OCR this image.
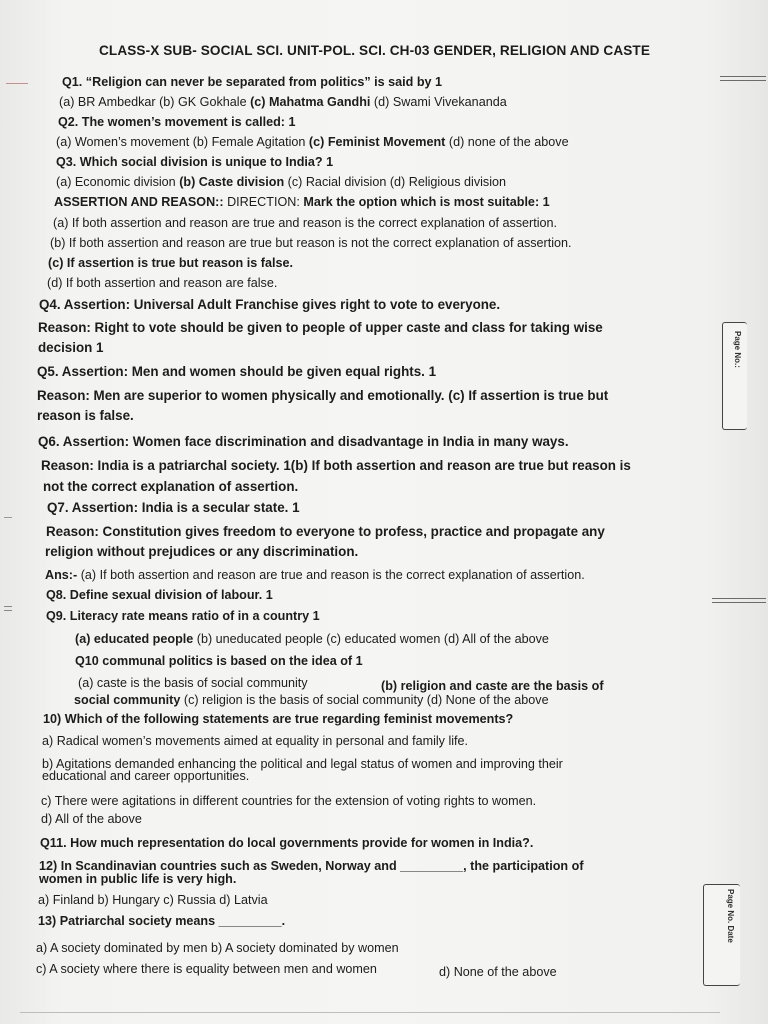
CLASS-X SUB- SOCIAL SCI. UNIT-POL. SCI. CH-03 GENDER, RELIGION AND CASTE
Page No.:
Page No. Date
Q1. “Religion can never be separated from politics” is said by 1
(a) BR Ambedkar (b) GK Gokhale (c) Mahatma Gandhi (d) Swami Vivekananda
Q2. The women’s movement is called: 1
(a) Women’s movement (b) Female Agitation (c) Feminist Movement (d) none of the above
Q3. Which social division is unique to India? 1
(a) Economic division (b) Caste division (c) Racial division (d) Religious division
ASSERTION AND REASON:: DIRECTION: Mark the option which is most suitable: 1
(a) If both assertion and reason are true and reason is the correct explanation of assertion.
(b) If both assertion and reason are true but reason is not the correct explanation of assertion.
(c) If assertion is true but reason is false.
(d) If both assertion and reason are false.
Q4. Assertion: Universal Adult Franchise gives right to vote to everyone.
Reason: Right to vote should be given to people of upper caste and class for taking wise
decision 1
Q5. Assertion: Men and women should be given equal rights. 1
Reason: Men are superior to women physically and emotionally. (c) If assertion is true but
reason is false.
Q6. Assertion: Women face discrimination and disadvantage in India in many ways.
Reason: India is a patriarchal society. 1(b) If both assertion and reason are true but reason is
not the correct explanation of assertion.
Q7. Assertion: India is a secular state. 1
Reason: Constitution gives freedom to everyone to profess, practice and propagate any
religion without prejudices or any discrimination.
Ans:- (a) If both assertion and reason are true and reason is the correct explanation of assertion.
Q8. Define sexual division of labour. 1
Q9. Literacy rate means ratio of in a country 1
(a) educated people (b) uneducated people (c) educated women (d) All of the above
Q10 communal politics is based on the idea of 1
(a) caste is the basis of social community	(b) religion and caste are the basis of
social community (c) religion is the basis of social community (d) None of the above
10) Which of the following statements are true regarding feminist movements?
a) Radical women’s movements aimed at equality in personal and family life.
b) Agitations demanded enhancing the political and legal status of women and improving their
educational and career opportunities.
c) There were agitations in different countries for the extension of voting rights to women.
d) All of the above
Q11. How much representation do local governments provide for women in India?.
12) In Scandinavian countries such as Sweden, Norway and _________, the participation of
women in public life is very high.
a) Finland b) Hungary c) Russia d) Latvia
13) Patriarchal society means _________.
a) A society dominated by men b) A society dominated by women
c) A society where there is equality between men and women	d) None of the above
